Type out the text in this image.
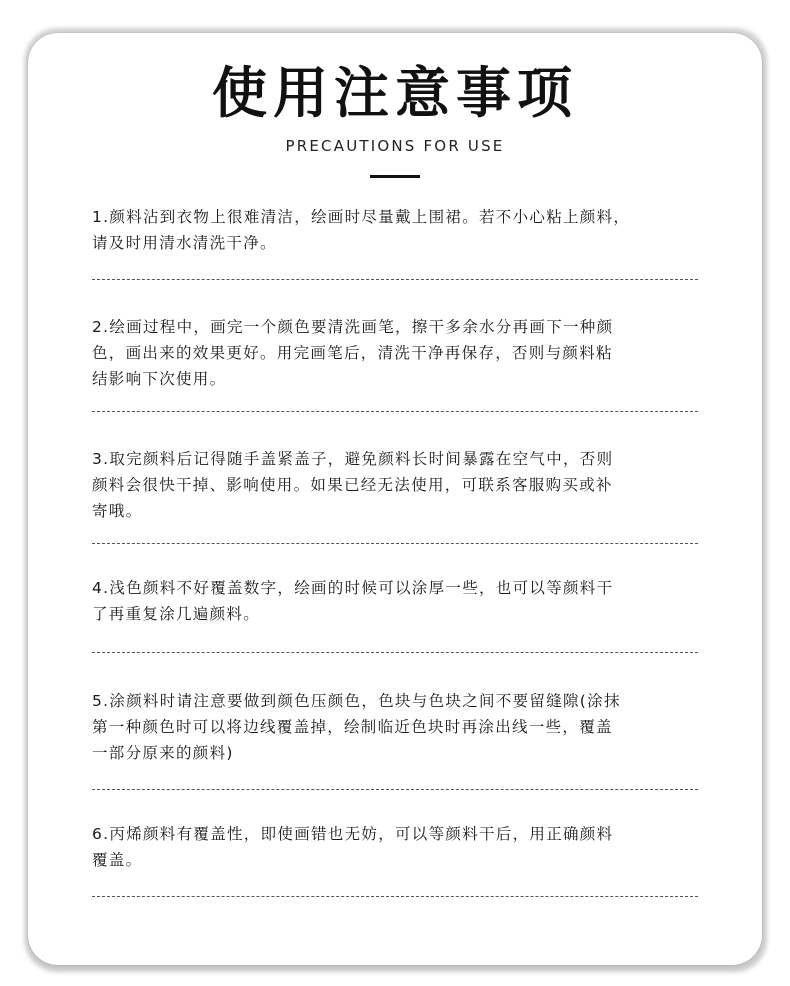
使用注意事项
PRECAUTIONS FOR USE
1.颜料沾到衣物上很难清洁，绘画时尽量戴上围裙。若不小心粘上颜料，
请及时用清水清洗干净。
2.绘画过程中，画完一个颜色要清洗画笔，擦干多余水分再画下一种颜
色，画出来的效果更好。用完画笔后，清洗干净再保存，否则与颜料粘
结影响下次使用。
3.取完颜料后记得随手盖紧盖子，避免颜料长时间暴露在空气中，否则
颜料会很快干掉、影响使用。如果已经无法使用，可联系客服购买或补
寄哦。
4.浅色颜料不好覆盖数字，绘画的时候可以涂厚一些，也可以等颜料干
了再重复涂几遍颜料。
5.涂颜料时请注意要做到颜色压颜色，色块与色块之间不要留缝隙(涂抹
第一种颜色时可以将边线覆盖掉，绘制临近色块时再涂出线一些，覆盖
一部分原来的颜料)
6.丙烯颜料有覆盖性，即使画错也无妨，可以等颜料干后，用正确颜料
覆盖。
